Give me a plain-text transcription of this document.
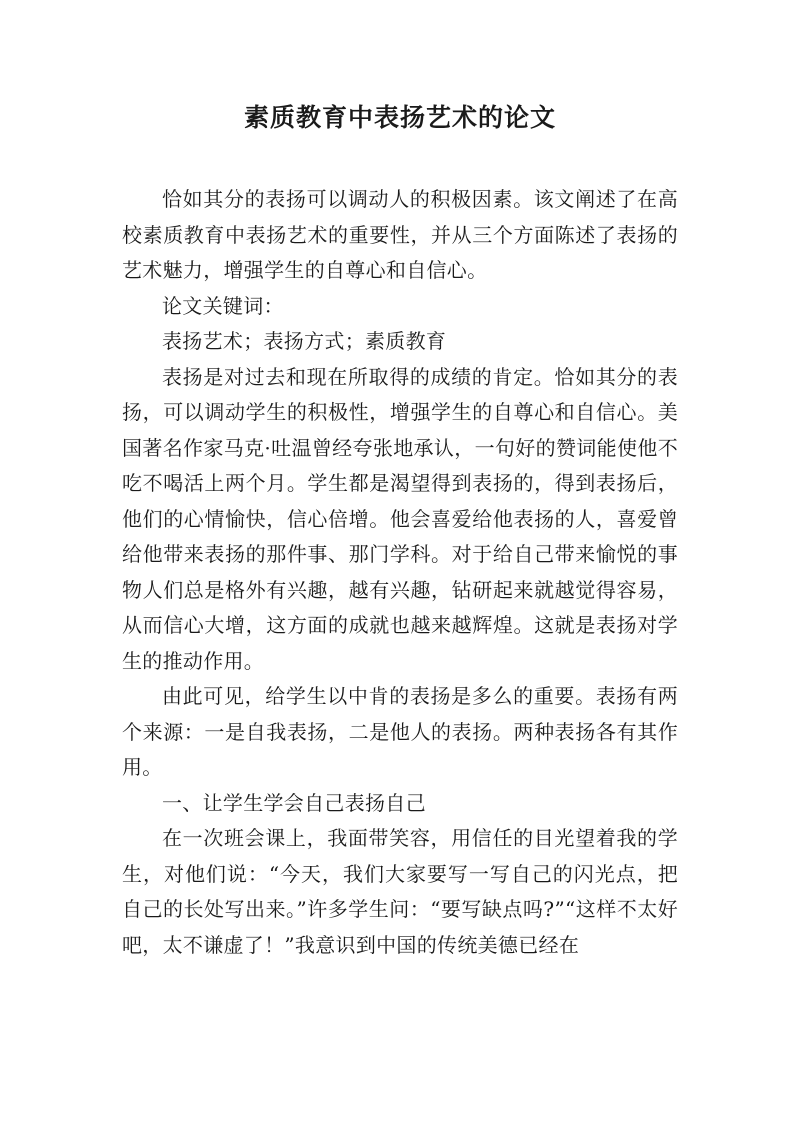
素质教育中表扬艺术的论文

恰如其分的表扬可以调动人的积极因素。该文阐述了在高校素质教育中表扬艺术的重要性，并从三个方面陈述了表扬的艺术魅力，增强学生的自尊心和自信心。

论文关键词：

表扬艺术；表扬方式；素质教育

表扬是对过去和现在所取得的成绩的肯定。恰如其分的表扬，可以调动学生的积极性，增强学生的自尊心和自信心。美国著名作家马克·吐温曾经夸张地承认，一句好的赞词能使他不吃不喝活上两个月。学生都是渴望得到表扬的，得到表扬后，他们的心情愉快，信心倍增。他会喜爱给他表扬的人，喜爱曾给他带来表扬的那件事、那门学科。对于给自己带来愉悦的事物人们总是格外有兴趣，越有兴趣，钻研起来就越觉得容易，从而信心大增，这方面的成就也越来越辉煌。这就是表扬对学生的推动作用。

由此可见，给学生以中肯的表扬是多么的重要。表扬有两个来源：一是自我表扬，二是他人的表扬。两种表扬各有其作用。

一、让学生学会自己表扬自己

在一次班会课上，我面带笑容，用信任的目光望着我的学生，对他们说：“今天，我们大家要写一写自己的闪光点，把自己的长处写出来。”许多学生问：“要写缺点吗?”“这样不太好吧，太不谦虚了！”我意识到中国的传统美德已经在
